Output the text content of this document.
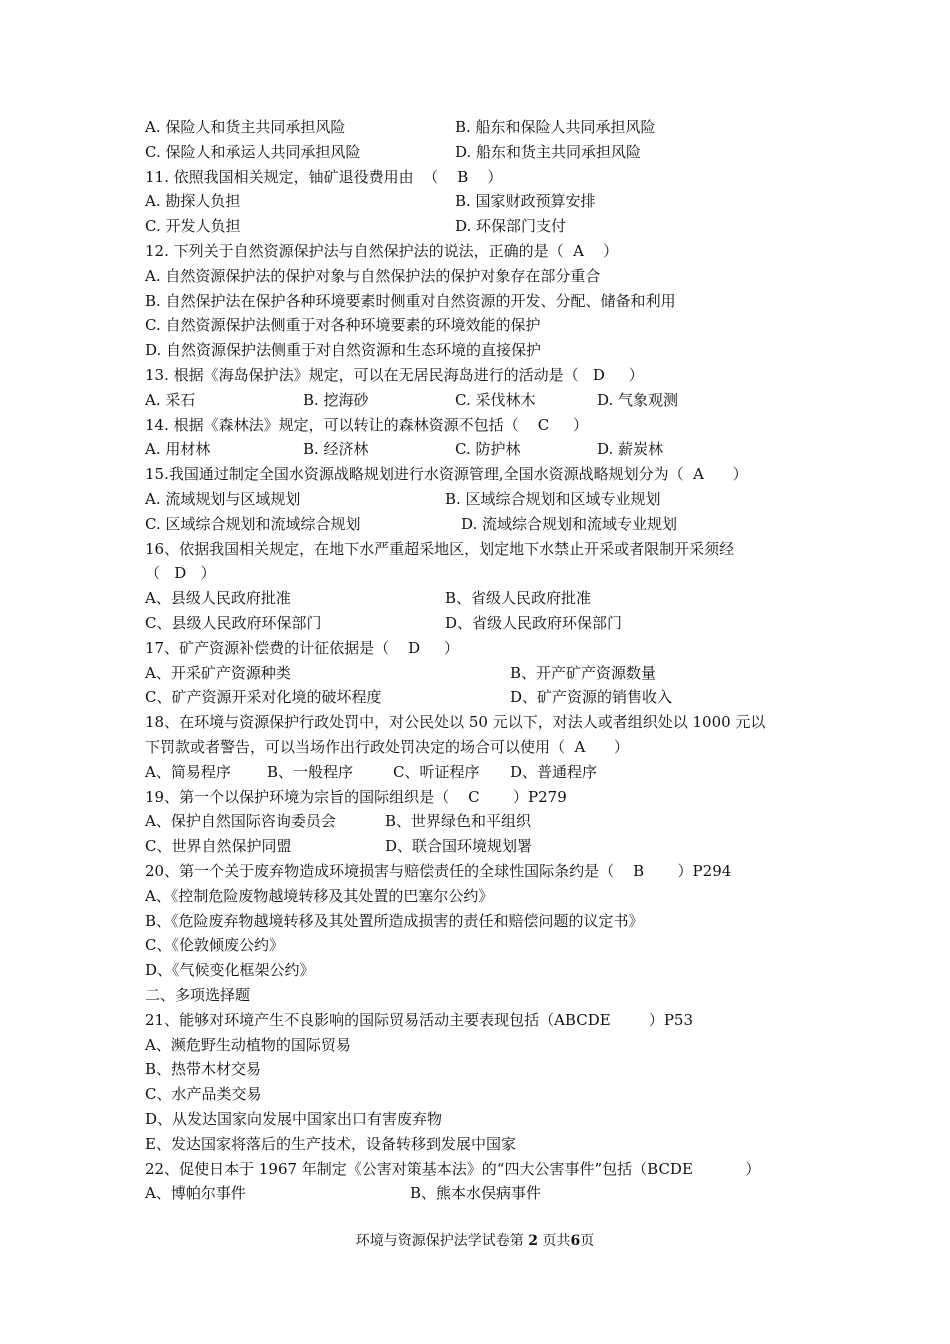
A. 保险人和货主共同承担风险	B. 船东和保险人共同承担风险
C. 保险人和承运人共同承担风险	D. 船东和货主共同承担风险
11. 依照我国相关规定，铀矿退役费用由  （    B    ）
A. 勘探人负担	B. 国家财政预算安排
C. 开发人负担	D. 环保部门支付
12. 下列关于自然资源保护法与自然保护法的说法，正确的是（  A    ）
A. 自然资源保护法的保护对象与自然保护法的保护对象存在部分重合
B. 自然保护法在保护各种环境要素时侧重对自然资源的开发、分配、储备和利用
C. 自然资源保护法侧重于对各种环境要素的环境效能的保护
D. 自然资源保护法侧重于对自然资源和生态环境的直接保护
13. 根据《海岛保护法》规定，可以在无居民海岛进行的活动是（   D     ）
A. 采石	B. 挖海砂	C. 采伐林木	D. 气象观测
14. 根据《森林法》规定，可以转让的森林资源不包括（    C     ）
A. 用材林	B. 经济林	C. 防护林	D. 薪炭林
15.我国通过制定全国水资源战略规划进行水资源管理,全国水资源战略规划分为（  A      ）
A. 流域规划与区域规划	B. 区域综合规划和区域专业规划
C. 区域综合规划和流域综合规划	D. 流域综合规划和流域专业规划
16、依据我国相关规定，在地下水严重超采地区，划定地下水禁止开采或者限制开采须经
（   D   ）
A、县级人民政府批准	B、省级人民政府批准
C、县级人民政府环保部门	D、省级人民政府环保部门
17、矿产资源补偿费的计征依据是（    D     ）
A、开采矿产资源种类	B、开产矿产资源数量
C、矿产资源开采对化境的破坏程度	D、矿产资源的销售收入
18、在环境与资源保护行政处罚中，对公民处以 50 元以下，对法人或者组织处以 1000 元以
下罚款或者警告，可以当场作出行政处罚决定的场合可以使用（  A      ）
A、简易程序 B、一般程序	C、听证程序 D、普通程序
19、第一个以保护环境为宗旨的国际组织是（    C       ）P279
A、保护自然国际咨询委员会	B、世界绿色和平组织
C、世界自然保护同盟	D、联合国环境规划署
20、第一个关于废弃物造成环境损害与赔偿责任的全球性国际条约是（    B       ）P294
A、《控制危险废物越境转移及其处置的巴塞尔公约》
B、《危险废弃物越境转移及其处置所造成损害的责任和赔偿问题的议定书》
C、《伦敦倾废公约》
D、《气候变化框架公约》
二、多项选择题
21、能够对环境产生不良影响的国际贸易活动主要表现包括（ABCDE        ）P53
A、濒危野生动植物的国际贸易
B、热带木材交易
C、水产品类交易
D、从发达国家向发展中国家出口有害废弃物
E、发达国家将落后的生产技术，设备转移到发展中国家
22、促使日本于 1967 年制定《公害对策基本法》的“四大公害事件”包括（BCDE           ）
A、博帕尔事件	B、熊本水俣病事件
环境与资源保护法学试卷第 2 页共6页
